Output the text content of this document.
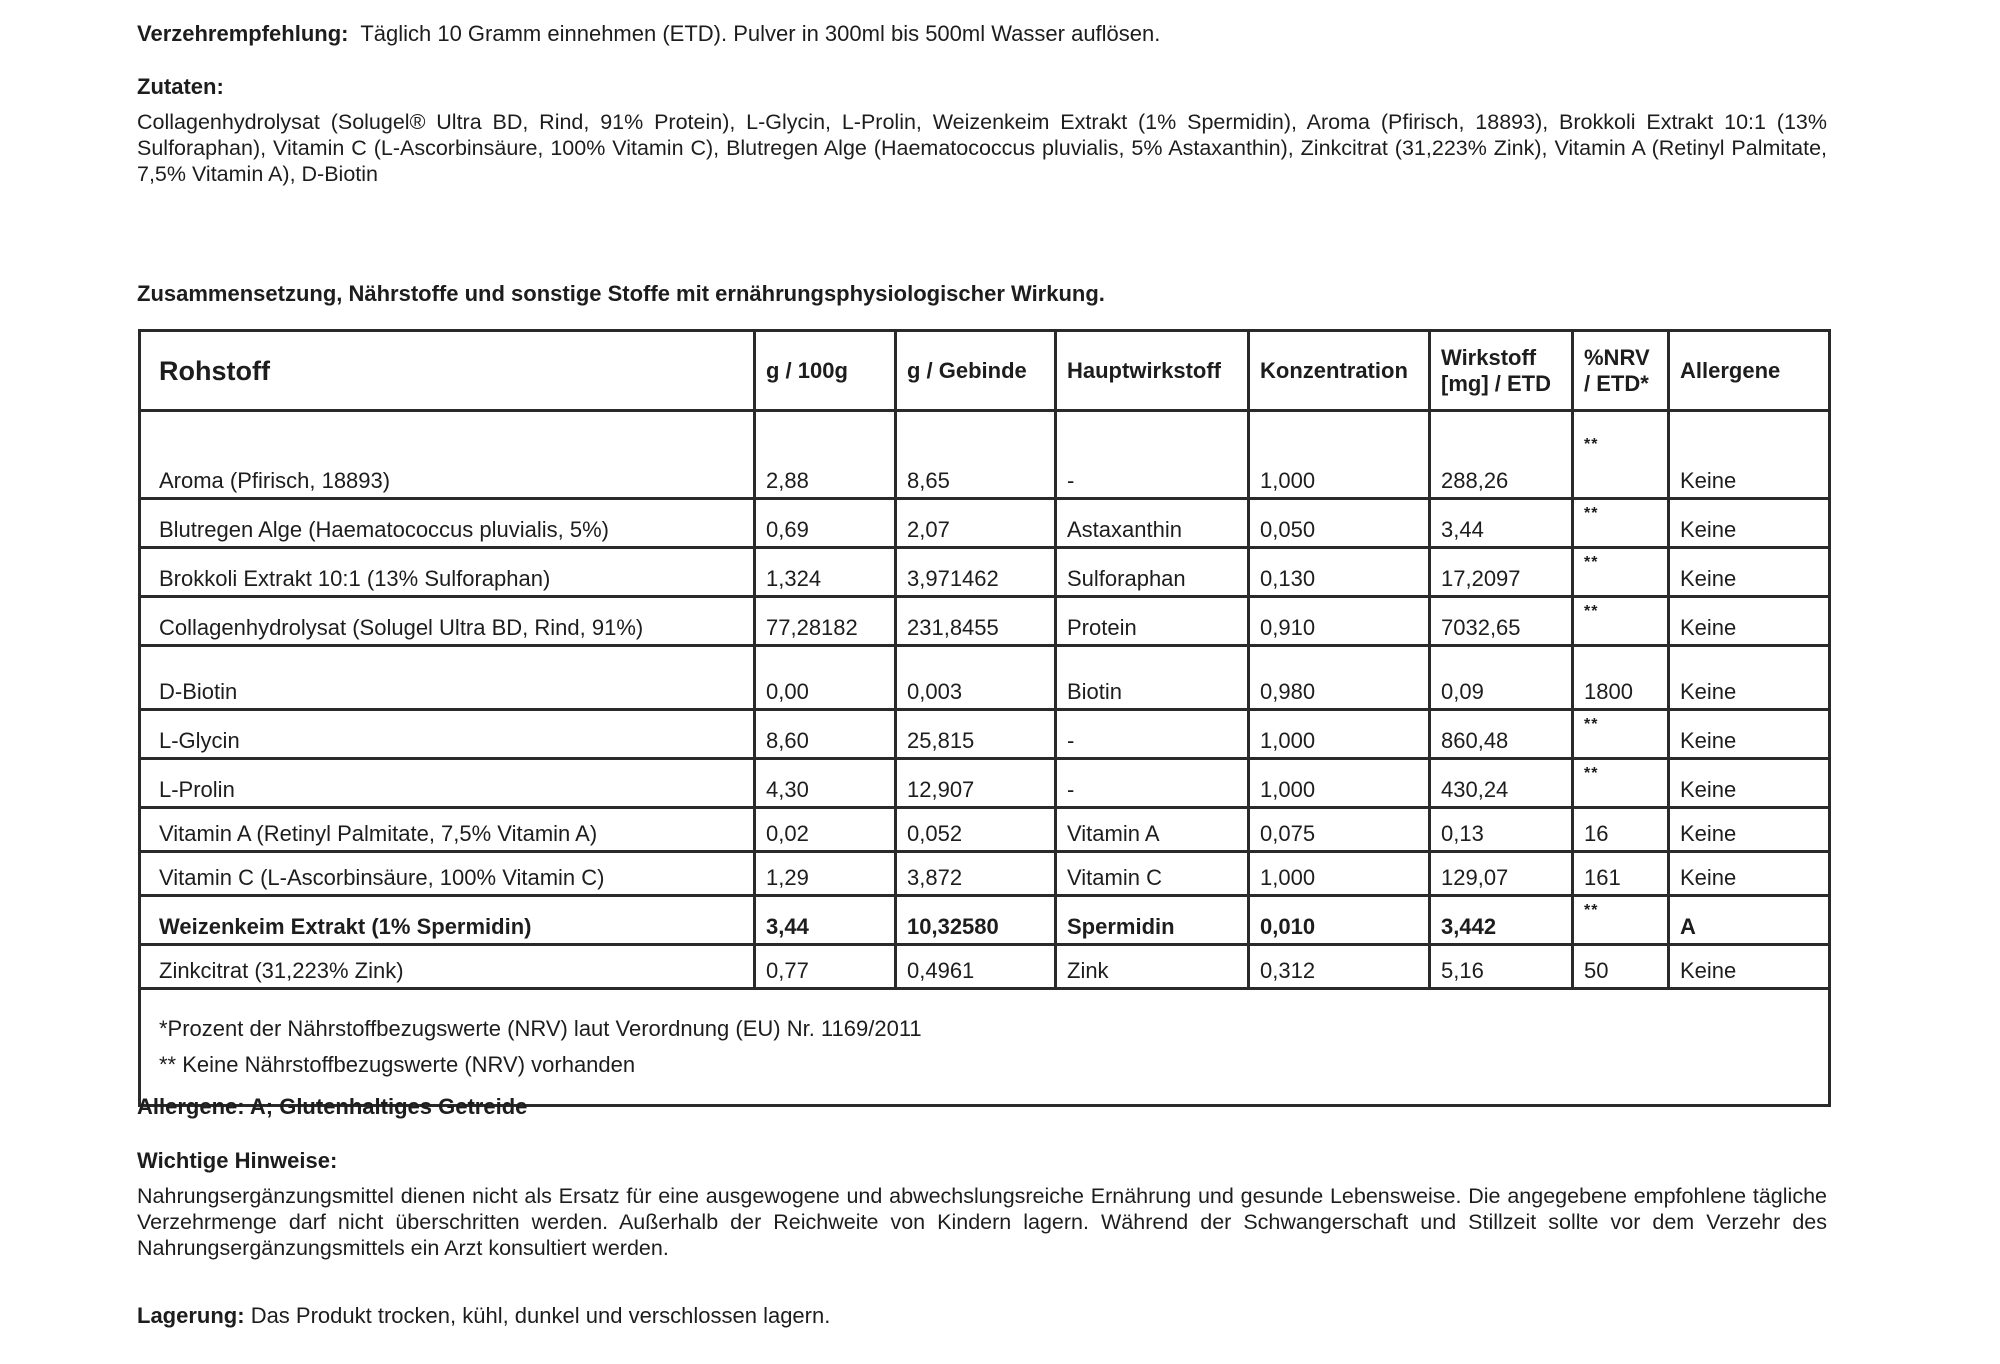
Verzehrempfehlung: Täglich 10 Gramm einnehmen (ETD). Pulver in 300ml bis 500ml Wasser auflösen.
Zutaten:
Collagenhydrolysat (Solugel® Ultra BD, Rind, 91% Protein), L-Glycin, L-Prolin, Weizenkeim Extrakt (1% Spermidin), Aroma (Pfirisch, 18893), Brokkoli Extrakt 10:1 (13% Sulforaphan), Vitamin C (L-Ascorbinsäure, 100% Vitamin C), Blutregen Alge (Haematococcus pluvialis, 5% Astaxanthin), Zinkcitrat (31,223% Zink), Vitamin A (Retinyl Palmitate, 7,5% Vitamin A), D-Biotin
Zusammensetzung, Nährstoffe und sonstige Stoffe mit ernährungsphysiologischer Wirkung.
Rohstoff	g / 100g	g / Gebinde	Hauptwirkstoff	Konzentration	Wirkstoff [mg] / ETD	%NRV / ETD*	Allergene
Aroma (Pfirisch, 18893)	2,88	8,65	-	1,000	288,26	**	Keine
Blutregen Alge (Haematococcus pluvialis, 5%)	0,69	2,07	Astaxanthin	0,050	3,44	**	Keine
Brokkoli Extrakt 10:1 (13% Sulforaphan)	1,324	3,971462	Sulforaphan	0,130	17,2097	**	Keine
Collagenhydrolysat (Solugel Ultra BD, Rind, 91%)	77,28182	231,8455	Protein	0,910	7032,65	**	Keine
D-Biotin	0,00	0,003	Biotin	0,980	0,09	1800	Keine
L-Glycin	8,60	25,815	-	1,000	860,48	**	Keine
L-Prolin	4,30	12,907	-	1,000	430,24	**	Keine
Vitamin A (Retinyl Palmitate, 7,5% Vitamin A)	0,02	0,052	Vitamin A	0,075	0,13	16	Keine
Vitamin C (L-Ascorbinsäure, 100% Vitamin C)	1,29	3,872	Vitamin C	1,000	129,07	161	Keine
Weizenkeim Extrakt (1% Spermidin)	3,44	10,32580	Spermidin	0,010	3,442	**	A
Zinkcitrat (31,223% Zink)	0,77	0,4961	Zink	0,312	5,16	50	Keine

*Prozent der Nährstoffbezugswerte (NRV) laut Verordnung (EU) Nr. 1169/2011
** Keine Nährstoffbezugswerte (NRV) vorhanden							
Allergene: A; Glutenhaltiges Getreide
Wichtige Hinweise:
Nahrungsergänzungsmittel dienen nicht als Ersatz für eine ausgewogene und abwechslungsreiche Ernährung und gesunde Lebensweise. Die angegebene empfohlene tägliche Verzehrmenge darf nicht überschritten werden. Außerhalb der Reichweite von Kindern lagern. Während der Schwangerschaft und Stillzeit sollte vor dem Verzehr des Nahrungsergänzungsmittels ein Arzt konsultiert werden.
Lagerung: Das Produkt trocken, kühl, dunkel und verschlossen lagern.
